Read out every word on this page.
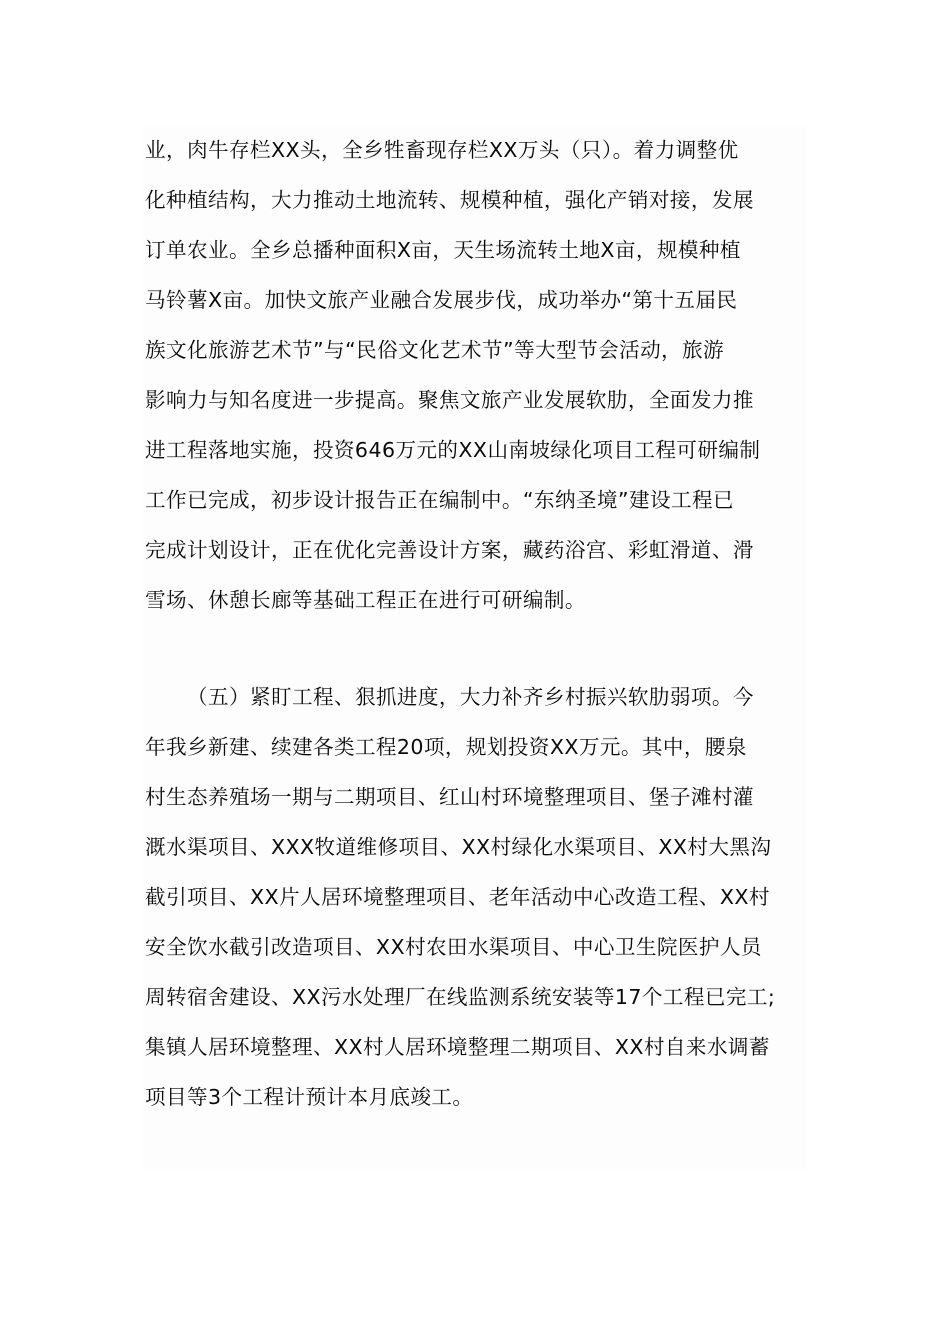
业，肉牛存栏XX头，全乡牲畜现存栏XX万头（只）。着力调整优
化种植结构，大力推动土地流转、规模种植，强化产销对接，发展
订单农业。全乡总播种面积X亩，天生场流转土地X亩，规模种植
马铃薯X亩。加快文旅产业融合发展步伐，成功举办“第十五届民
族文化旅游艺术节”与“民俗文化艺术节”等大型节会活动，旅游
影响力与知名度进一步提高。聚焦文旅产业发展软肋，全面发力推
进工程落地实施，投资646万元的XX山南坡绿化项目工程可研编制
工作已完成，初步设计报告正在编制中。“东纳圣境”建设工程已
完成计划设计，正在优化完善设计方案，藏药浴宫、彩虹滑道、滑
雪场、休憩长廊等基础工程正在进行可研编制。
（五）紧盯工程、狠抓进度，大力补齐乡村振兴软肋弱项。今
年我乡新建、续建各类工程20项，规划投资XX万元。其中，腰泉
村生态养殖场一期与二期项目、红山村环境整理项目、堡子滩村灌
溉水渠项目、XXX牧道维修项目、XX村绿化水渠项目、XX村大黑沟
截引项目、XX片人居环境整理项目、老年活动中心改造工程、XX村
安全饮水截引改造项目、XX村农田水渠项目、中心卫生院医护人员
周转宿舍建设、XX污水处理厂在线监测系统安装等17个工程已完工;
集镇人居环境整理、XX村人居环境整理二期项目、XX村自来水调蓄
项目等3个工程计预计本月底竣工。
